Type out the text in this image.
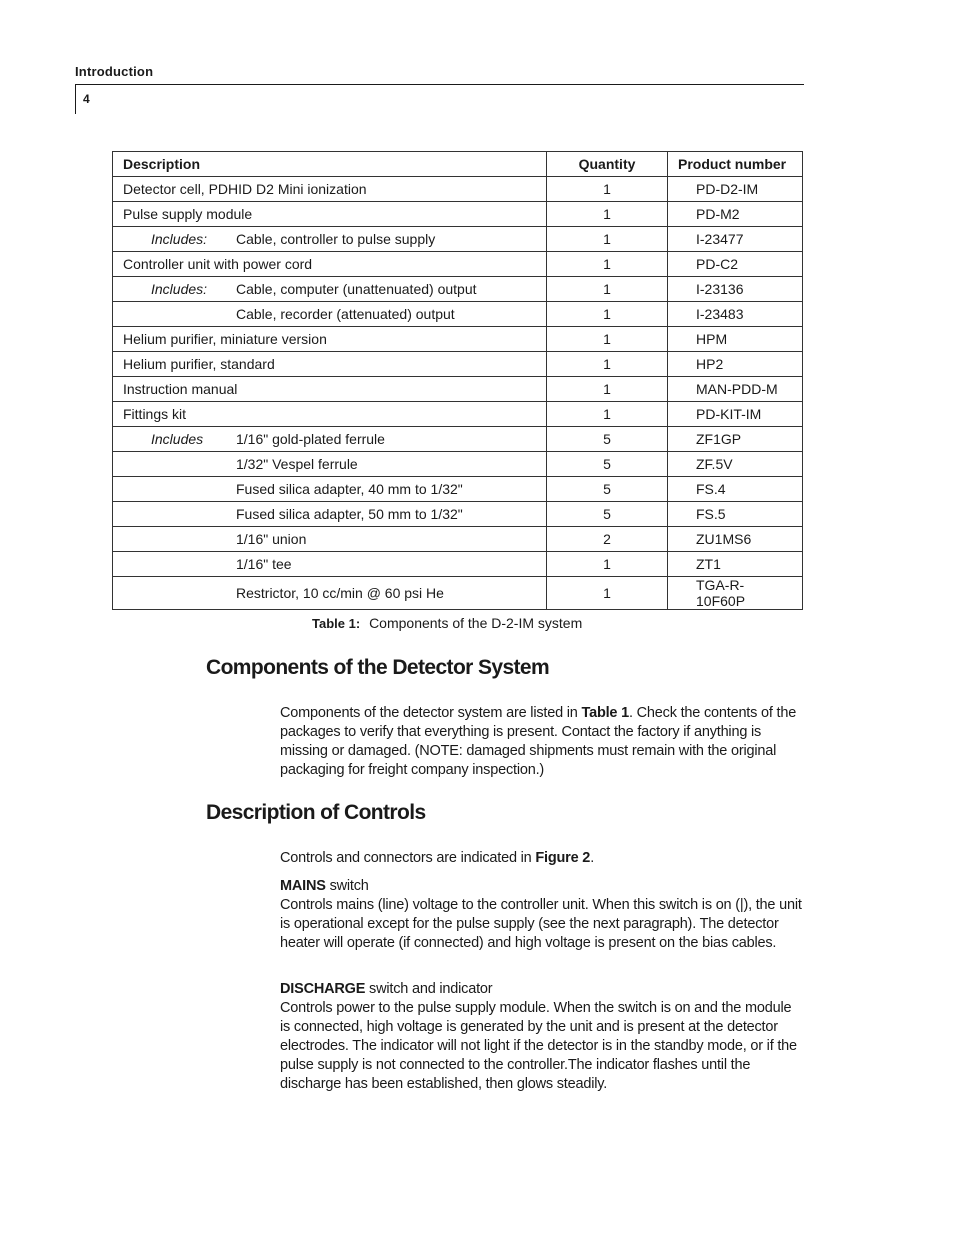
Introduction
4
Description	Quantity	Product number
Detector cell, PDHID D2 Mini ionization	1	PD-D2-IM
Pulse supply module	1	PD-M2
Includes: Cable, controller to pulse supply	1	I-23477
Controller unit with power cord	1	PD-C2
Includes: Cable, computer (unattenuated) output	1	I-23136
Cable, recorder (attenuated) output	1	I-23483
Helium purifier, miniature version	1	HPM
Helium purifier, standard	1	HP2
Instruction manual	1	MAN-PDD-M
Fittings kit	1	PD-KIT-IM
Includes 1/16" gold-plated ferrule	5	ZF1GP
1/32" Vespel ferrule	5	ZF.5V
Fused silica adapter, 40 mm to 1/32"	5	FS.4
Fused silica adapter, 50 mm to 1/32"	5	FS.5
1/16" union	2	ZU1MS6
1/16" tee	1	ZT1
Restrictor, 10 cc/min @ 60 psi He	1	TGA-R-10F60P
Table 1: Components of the D-2-IM system
Components of the Detector System

Components of the detector system are listed in Table 1. Check the contents of the packages to verify that everything is present. Contact the factory if anything is missing or damaged. (NOTE: damaged shipments must remain with the original packaging for freight company inspection.)

Description of Controls

Controls and connectors are indicated in Figure 2.

MAINS switch

Controls mains (line) voltage to the controller unit. When this switch is on (|), the unit is operational except for the pulse supply (see the next paragraph). The detector heater will operate (if connected) and high voltage is present on the bias cables.

DISCHARGE switch and indicator

Controls power to the pulse supply module. When the switch is on and the module is connected, high voltage is generated by the unit and is present at the detector electrodes. The indicator will not light if the detector is in the standby mode, or if the pulse supply is not connected to the controller.The indicator flashes until the discharge has been established, then glows steadily.
